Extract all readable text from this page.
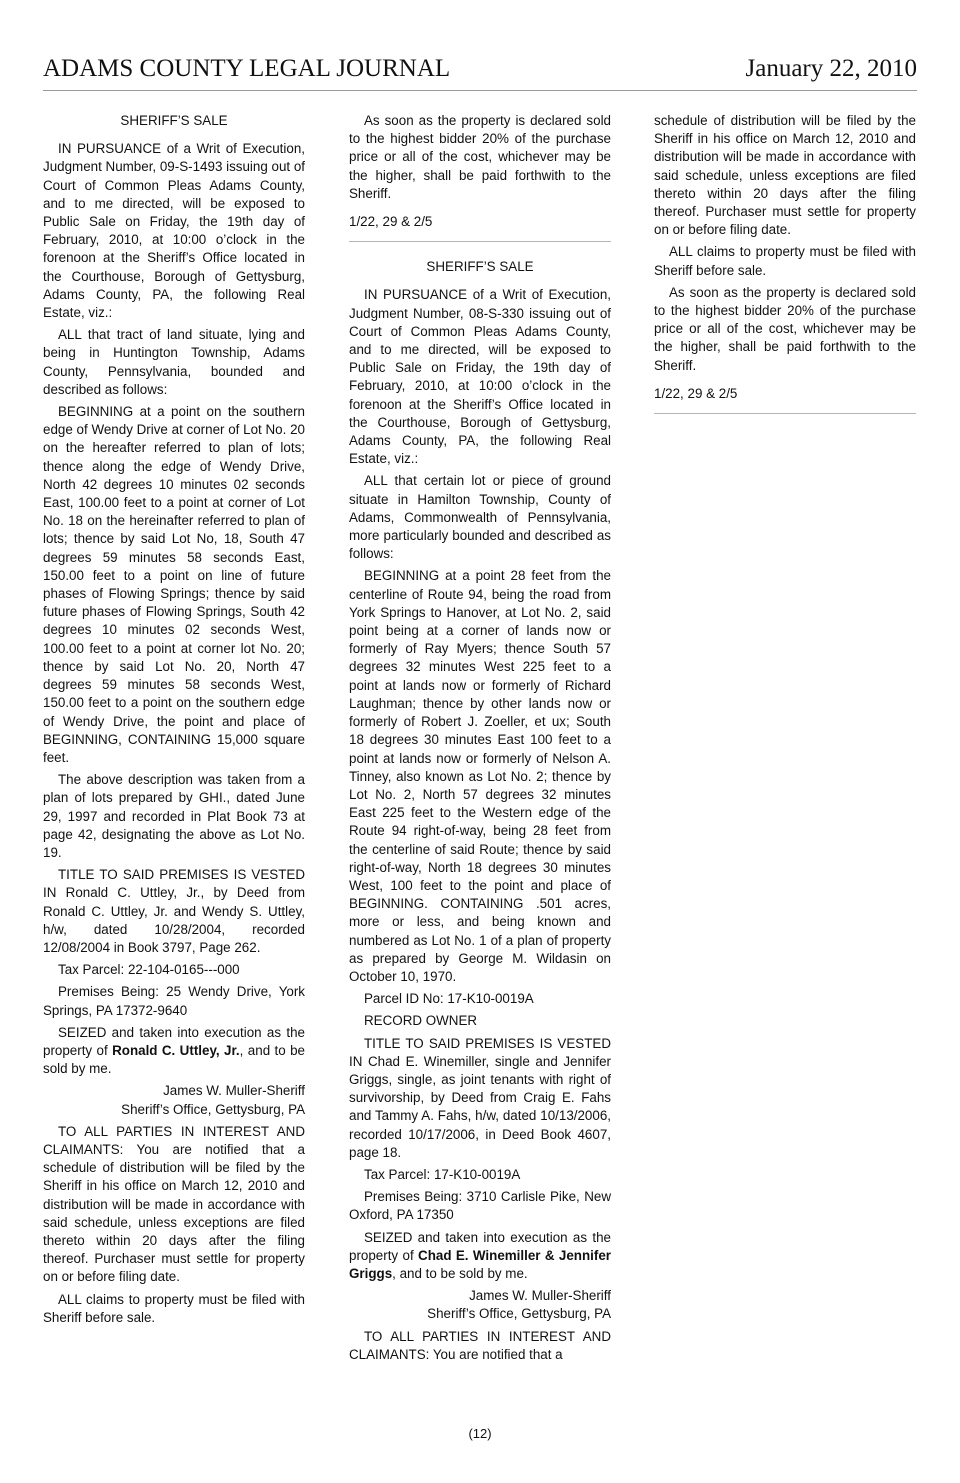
ADAMS COUNTY LEGAL JOURNAL	January 22, 2010

SHERIFF’S SALE

IN PURSUANCE of a Writ of Execution, Judgment Number, 09-S-1493 issuing out of Court of Common Pleas Adams County, and to me directed, will be exposed to Public Sale on Friday, the 19th day of February, 2010, at 10:00 o’clock in the forenoon at the Sheriff’s Office located in the Courthouse, Borough of Gettysburg, Adams County, PA, the following Real Estate, viz.:

ALL that tract of land situate, lying and being in Huntington Township, Adams County, Pennsylvania, bounded and described as follows:

BEGINNING at a point on the southern edge of Wendy Drive at corner of Lot No. 20 on the hereafter referred to plan of lots; thence along the edge of Wendy Drive, North 42 degrees 10 minutes 02 seconds East, 100.00 feet to a point at corner of Lot No. 18 on the hereinafter referred to plan of lots; thence by said Lot No, 18, South 47 degrees 59 minutes 58 seconds East, 150.00 feet to a point on line of future phases of Flowing Springs; thence by said future phases of Flowing Springs, South 42 degrees 10 minutes 02 seconds West, 100.00 feet to a point at corner lot No. 20; thence by said Lot No. 20, North 47 degrees 59 minutes 58 seconds West, 150.00 feet to a point on the southern edge of Wendy Drive, the point and place of BEGINNING, CONTAINING 15,000 square feet.

The above description was taken from a plan of lots prepared by GHI., dated June 29, 1997 and recorded in Plat Book 73 at page 42, designating the above as Lot No. 19.

TITLE TO SAID PREMISES IS VESTED IN Ronald C. Uttley, Jr., by Deed from Ronald C. Uttley, Jr. and Wendy S. Uttley, h/w, dated 10/28/2004, recorded 12/08/2004 in Book 3797, Page 262.

Tax Parcel: 22-104-0165---000

Premises Being: 25 Wendy Drive, York Springs, PA 17372-9640

SEIZED and taken into execution as the property of Ronald C. Uttley, Jr., and to be sold by me.

James W. Muller-Sheriff
Sheriff’s Office, Gettysburg, PA

TO ALL PARTIES IN INTEREST AND CLAIMANTS: You are notified that a schedule of distribution will be filed by the Sheriff in his office on March 12, 2010 and distribution will be made in accordance with said schedule, unless exceptions are filed thereto within 20 days after the filing thereof. Purchaser must settle for property on or before filing date.

ALL claims to property must be filed with Sheriff before sale.

As soon as the property is declared sold to the highest bidder 20% of the purchase price or all of the cost, whichever may be the higher, shall be paid forthwith to the Sheriff.

1/22, 29 & 2/5

SHERIFF’S SALE

IN PURSUANCE of a Writ of Execution, Judgment Number, 08-S-330 issuing out of Court of Common Pleas Adams County, and to me directed, will be exposed to Public Sale on Friday, the 19th day of February, 2010, at 10:00 o’clock in the forenoon at the Sheriff’s Office located in the Courthouse, Borough of Gettysburg, Adams County, PA, the following Real Estate, viz.:

ALL that certain lot or piece of ground situate in Hamilton Township, County of Adams, Commonwealth of Pennsylvania, more particularly bounded and described as follows:

BEGINNING at a point 28 feet from the centerline of Route 94, being the road from York Springs to Hanover, at Lot No. 2, said point being at a corner of lands now or formerly of Ray Myers; thence South 57 degrees 32 minutes West 225 feet to a point at lands now or formerly of Richard Laughman; thence by other lands now or formerly of Robert J. Zoeller, et ux; South 18 degrees 30 minutes East 100 feet to a point at lands now or formerly of Nelson A. Tinney, also known as Lot No. 2; thence by Lot No. 2, North 57 degrees 32 minutes East 225 feet to the Western edge of the Route 94 right-of-way, being 28 feet from the centerline of said Route; thence by said right-of-way, North 18 degrees 30 minutes West, 100 feet to the point and place of BEGINNING. CONTAINING .501 acres, more or less, and being known and numbered as Lot No. 1 of a plan of property as prepared by George M. Wildasin on October 10, 1970.

Parcel ID No: 17-K10-0019A

RECORD OWNER

TITLE TO SAID PREMISES IS VESTED IN Chad E. Winemiller, single and Jennifer Griggs, single, as joint tenants with right of survivorship, by Deed from Craig E. Fahs and Tammy A. Fahs, h/w, dated 10/13/2006, recorded 10/17/2006, in Deed Book 4607, page 18.

Tax Parcel: 17-K10-0019A

Premises Being: 3710 Carlisle Pike, New Oxford, PA 17350

SEIZED and taken into execution as the property of Chad E. Winemiller & Jennifer Griggs, and to be sold by me.

James W. Muller-Sheriff
Sheriff’s Office, Gettysburg, PA

TO ALL PARTIES IN INTEREST AND CLAIMANTS: You are notified that a

schedule of distribution will be filed by the Sheriff in his office on March 12, 2010 and distribution will be made in accordance with said schedule, unless exceptions are filed thereto within 20 days after the filing thereof. Purchaser must settle for property on or before filing date.

ALL claims to property must be filed with Sheriff before sale.

As soon as the property is declared sold to the highest bidder 20% of the purchase price or all of the cost, whichever may be the higher, shall be paid forthwith to the Sheriff.

1/22, 29 & 2/5

(12)
